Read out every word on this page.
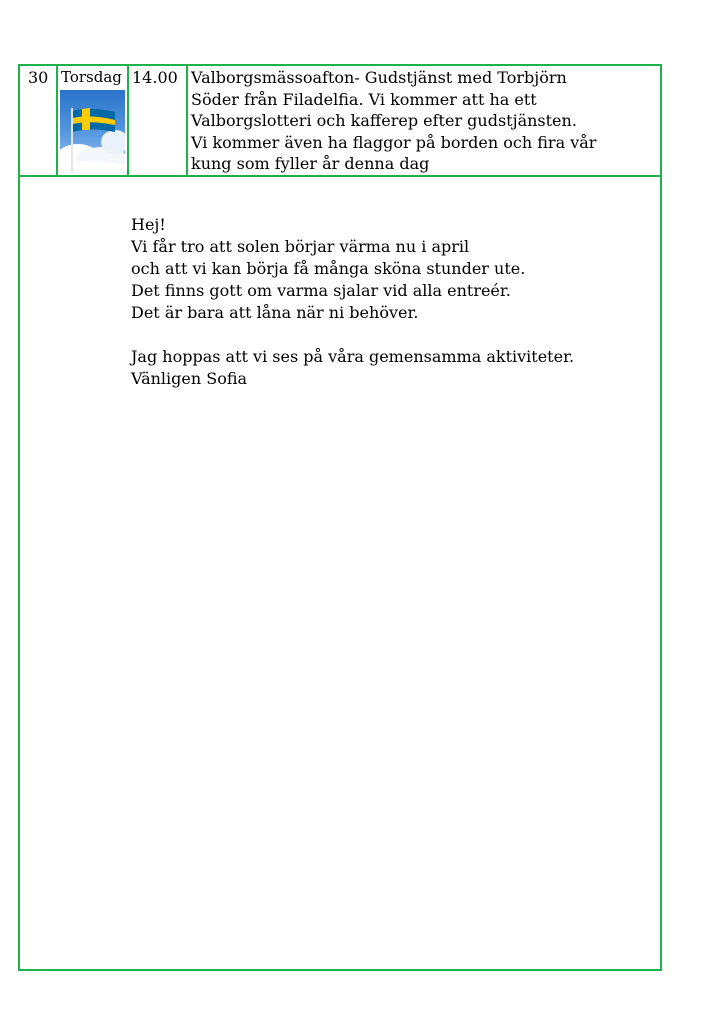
30 Torsdag 14.00 Valborgsmässoafton- Gudstjänst med Torbjörn
Söder från Filadelfia. Vi kommer att ha ett
Valborgslotteri och kafferep efter gudstjänsten.
Vi kommer även ha flaggor på borden och fira vår
kung som fyller år denna dag

Hej!
Vi får tro att solen börjar värma nu i april
och att vi kan börja få många sköna stunder ute.
Det finns gott om varma sjalar vid alla entreér.
Det är bara att låna när ni behöver.
Jag hoppas att vi ses på våra gemensamma aktiviteter.
Vänligen Sofia
